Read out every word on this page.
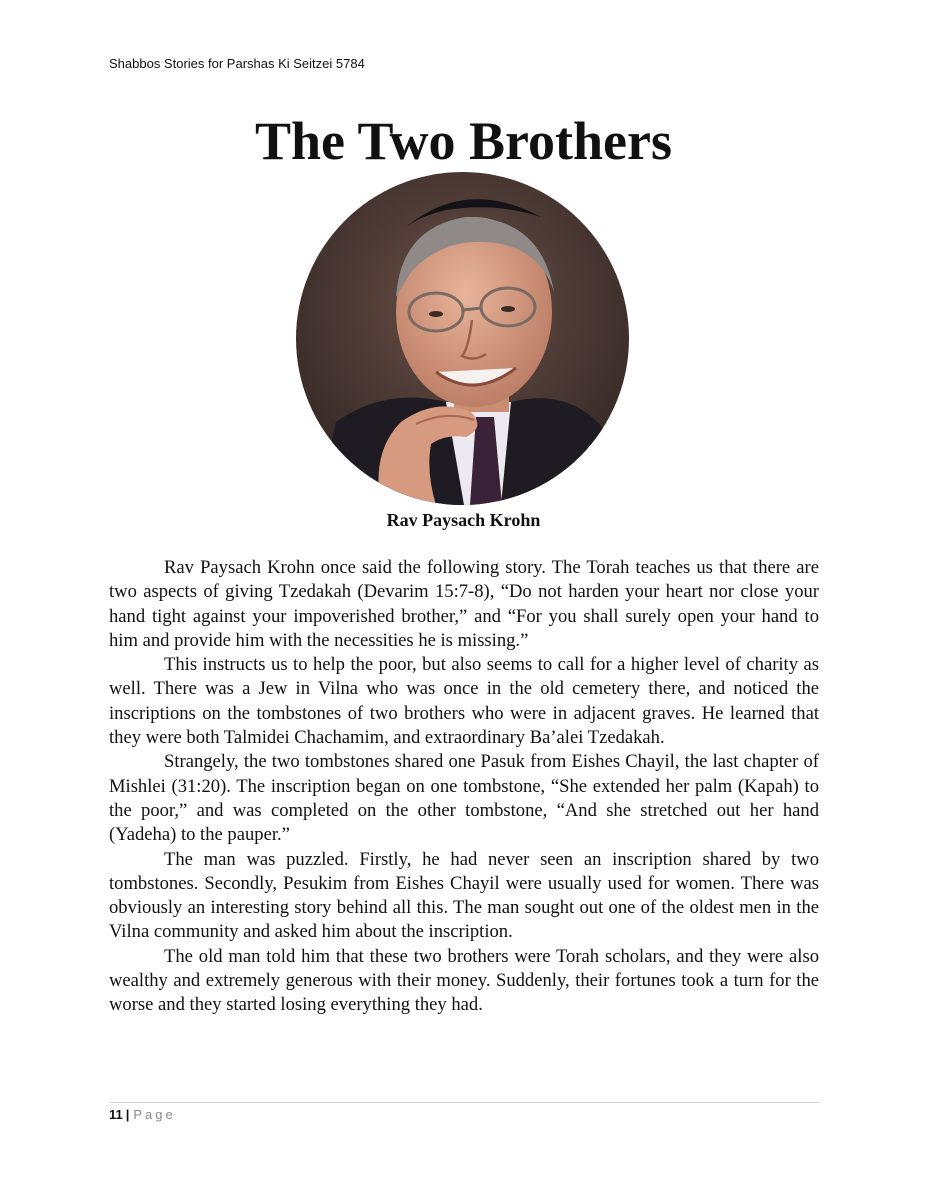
Shabbos Stories for Parshas Ki Seitzei 5784
The Two Brothers
Rav Paysach Krohn

Rav Paysach Krohn once said the following story. The Torah teaches us that there are two aspects of giving Tzedakah (Devarim 15:7-8), “Do not harden your heart nor close your hand tight against your impoverished brother,” and “For you shall surely open your hand to him and provide him with the necessities he is missing.”

This instructs us to help the poor, but also seems to call for a higher level of charity as well. There was a Jew in Vilna who was once in the old cemetery there, and noticed the inscriptions on the tombstones of two brothers who were in adjacent graves. He learned that they were both Talmidei Chachamim, and extraordinary Ba’alei Tzedakah.

Strangely, the two tombstones shared one Pasuk from Eishes Chayil, the last chapter of Mishlei (31:20). The inscription began on one tombstone, “She extended her palm (Kapah) to the poor,” and was completed on the other tombstone, “And she stretched out her hand (Yadeha) to the pauper.”

The man was puzzled. Firstly, he had never seen an inscription shared by two tombstones. Secondly, Pesukim from Eishes Chayil were usually used for women. There was obviously an interesting story behind all this. The man sought out one of the oldest men in the Vilna community and asked him about the inscription.

The old man told him that these two brothers were Torah scholars, and they were also wealthy and extremely generous with their money. Suddenly, their fortunes took a turn for the worse and they started losing everything they had.

11 | Page
